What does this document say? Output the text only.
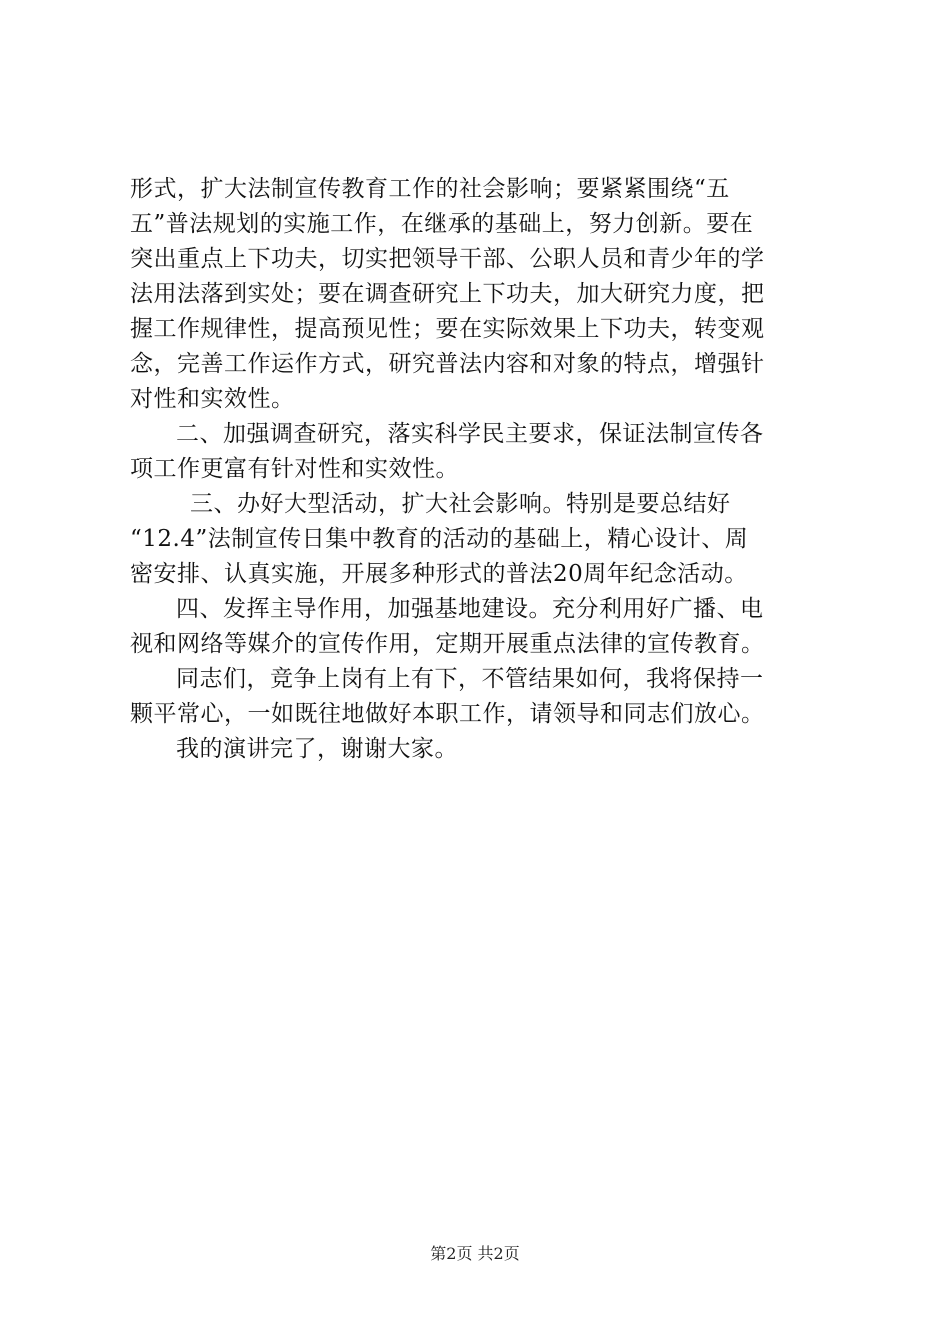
形式，扩大法制宣传教育工作的社会影响；要紧紧围绕“五
五”普法规划的实施工作，在继承的基础上，努力创新。要在
突出重点上下功夫，切实把领导干部、公职人员和青少年的学
法用法落到实处；要在调查研究上下功夫，加大研究力度，把
握工作规律性，提高预见性；要在实际效果上下功夫，转变观
念，完善工作运作方式，研究普法内容和对象的特点，增强针
对性和实效性。
二、加强调查研究，落实科学民主要求，保证法制宣传各
项工作更富有针对性和实效性。
三、办好大型活动，扩大社会影响。特别是要总结好
“12.4”法制宣传日集中教育的活动的基础上，精心设计、周
密安排、认真实施，开展多种形式的普法20周年纪念活动。
四、发挥主导作用，加强基地建设。充分利用好广播、电
视和网络等媒介的宣传作用，定期开展重点法律的宣传教育。
同志们，竞争上岗有上有下，不管结果如何，我将保持一
颗平常心，一如既往地做好本职工作，请领导和同志们放心。
我的演讲完了，谢谢大家。
第2页 共2页
